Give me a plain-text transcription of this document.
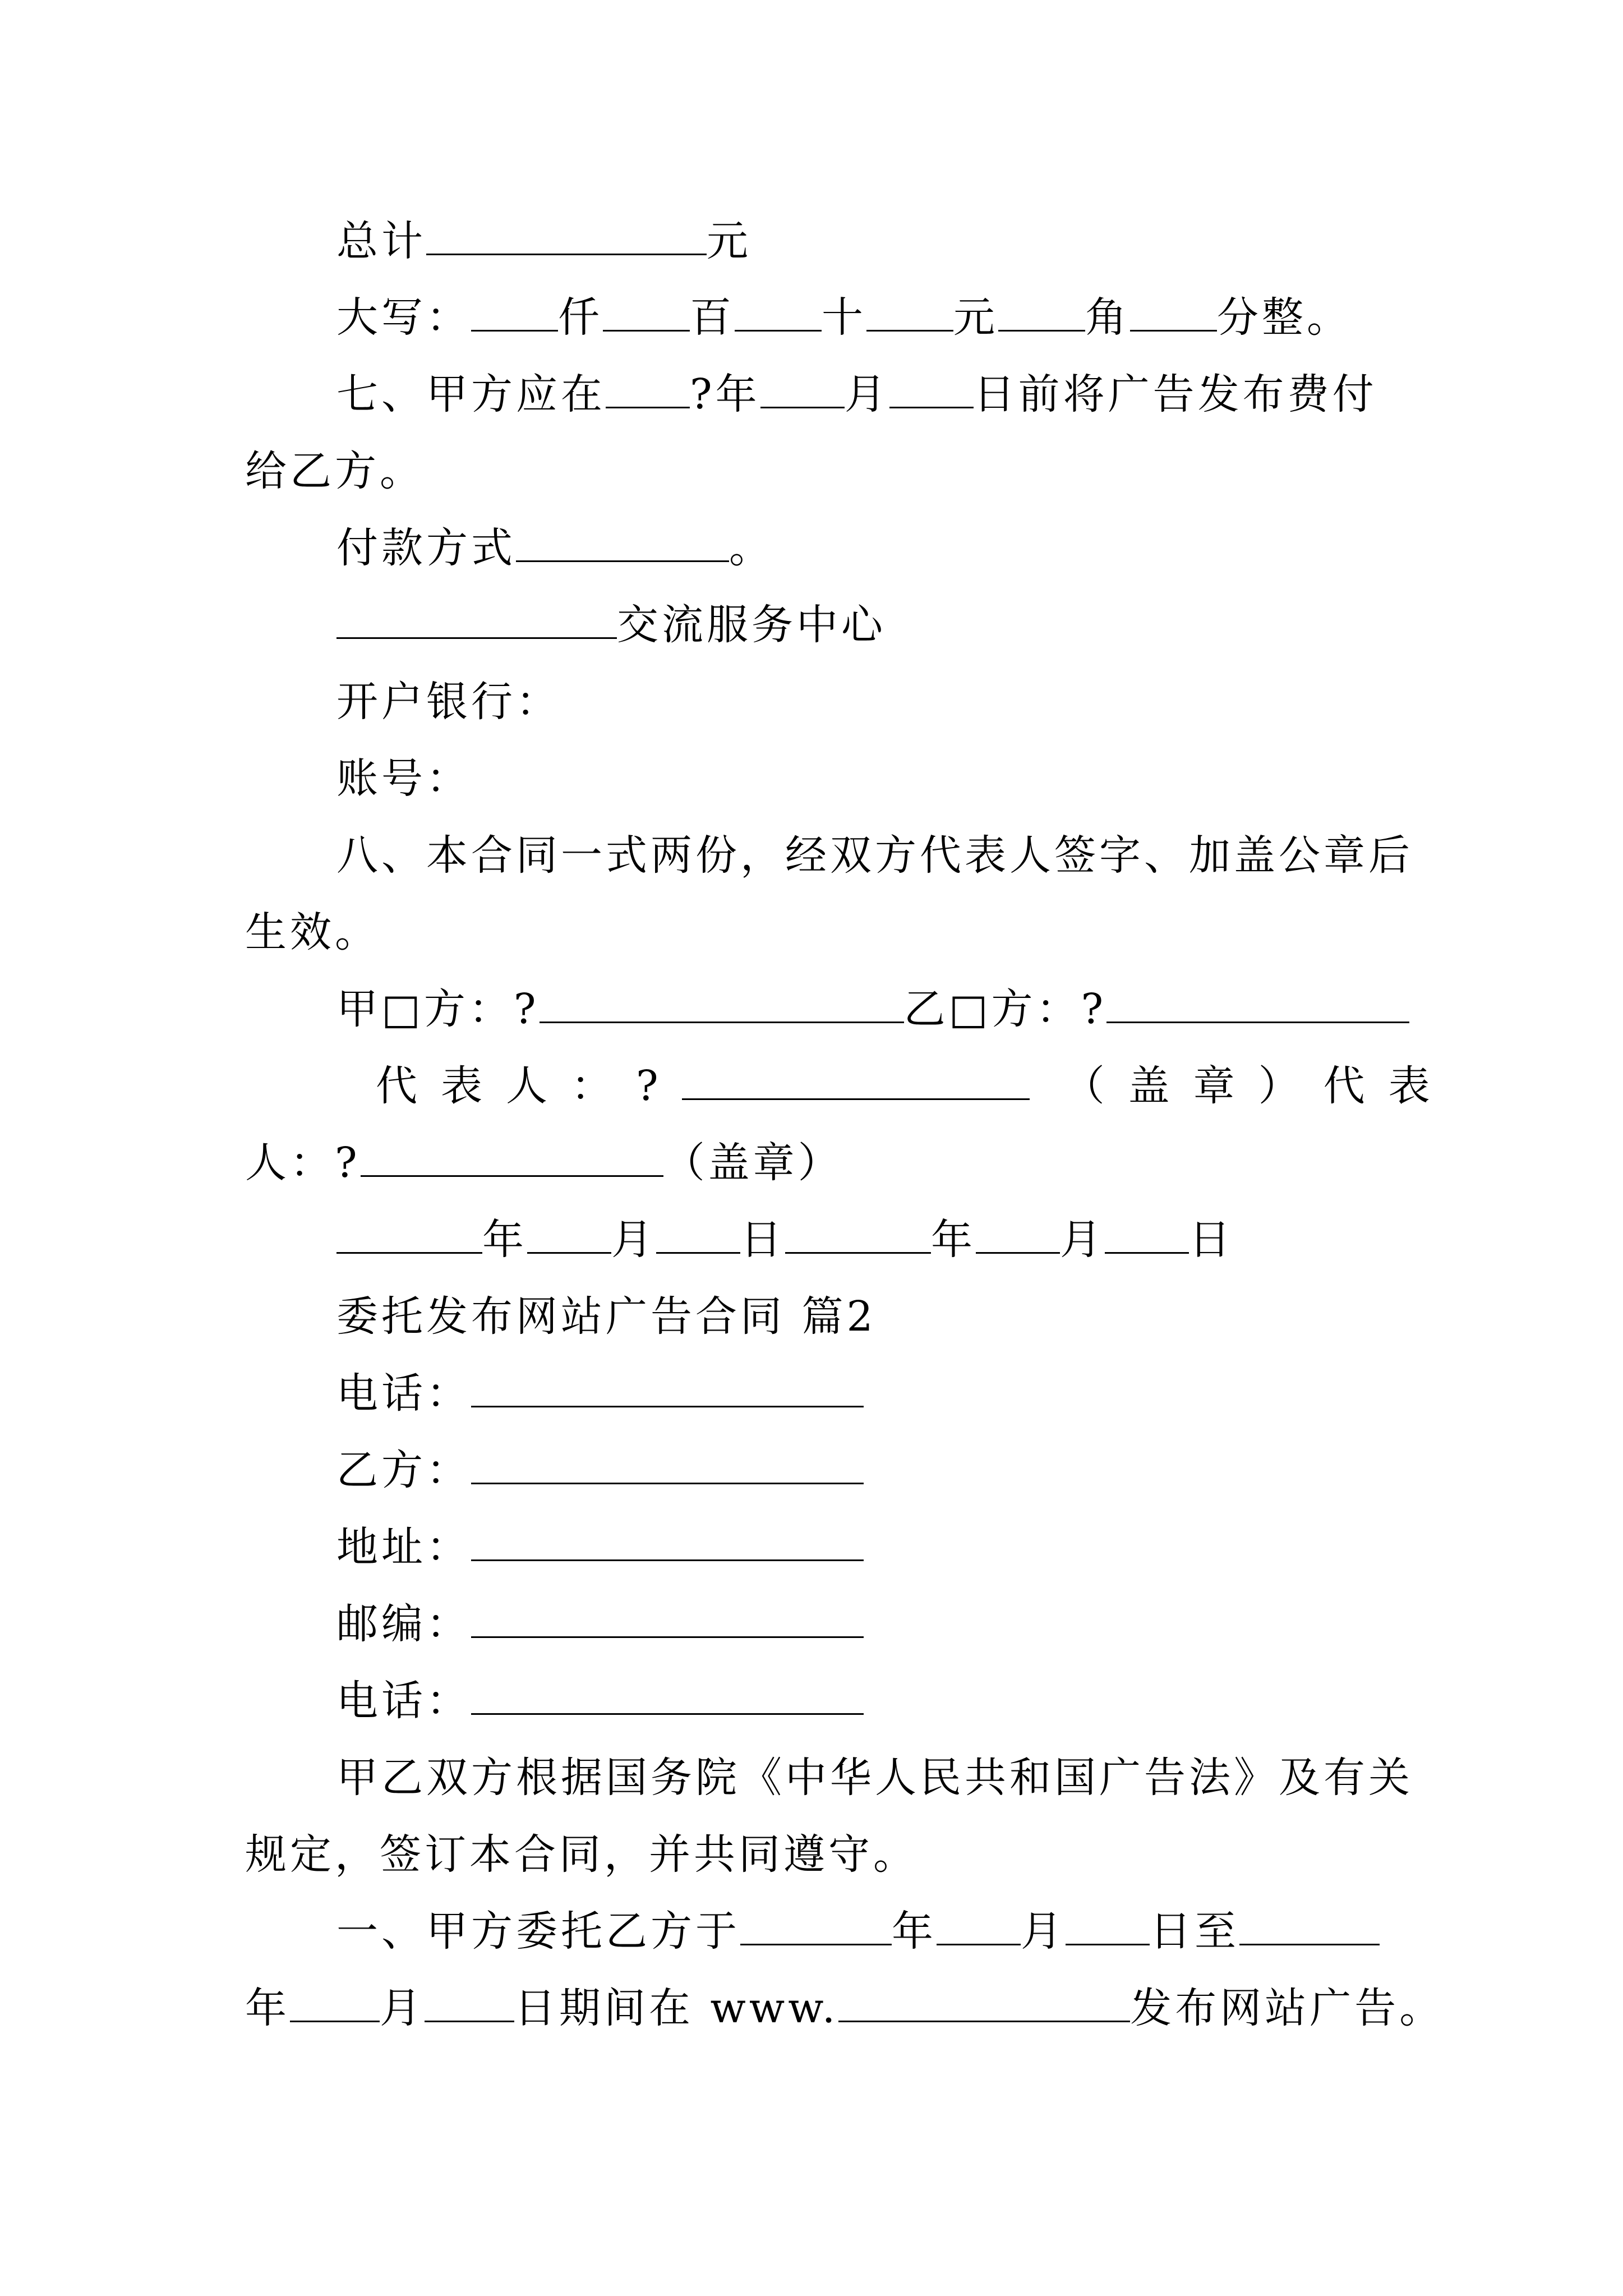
总计	元
大写： 仟 百 十 元 角 分整。
七、甲方应在 ?年 月 日前将广告发布费付
给乙方。
付款方式	。
交流服务中心
开户银行：
账号：
八、本合同一式两份，经双方代表人签字、加盖公章后
生效。
甲□方：?	乙□方：?
代表人：?	（盖章）代表
人：?	（盖章）
年 月 日	年 月 日
委托发布网站广告合同 篇2
电话：
乙方：
地址：
邮编：
电话：
甲乙双方根据国务院《中华人民共和国广告法》及有关
规定，签订本合同，并共同遵守。
一、甲方委托乙方于	年 月 日至
年 月 日期间在 www.	发布网站广告。
